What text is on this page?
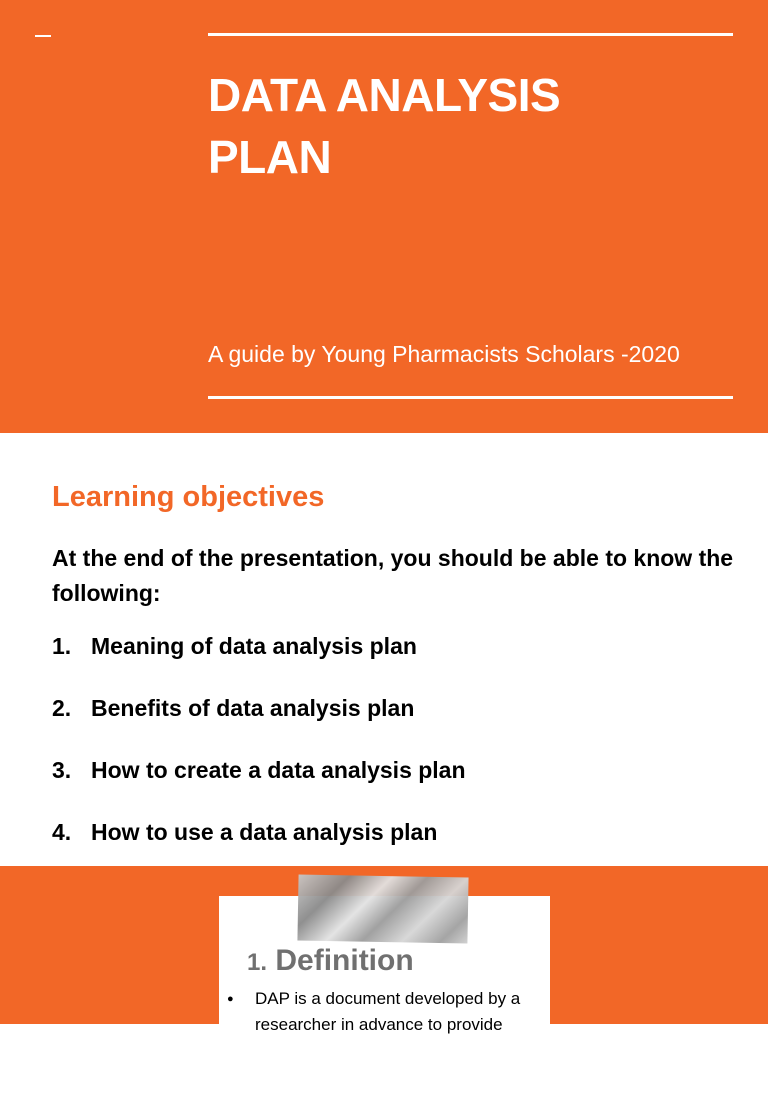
DATA ANALYSIS
PLAN
A guide by Young Pharmacists Scholars -2020
Learning objectives
At the end of the presentation, you should be able to know the following:
1. Meaning of data analysis plan
2. Benefits of data analysis plan
3. How to create a data analysis plan
4. How to use a data analysis plan
1. Definition
● DAP is a document developed by a researcher in advance to provide
